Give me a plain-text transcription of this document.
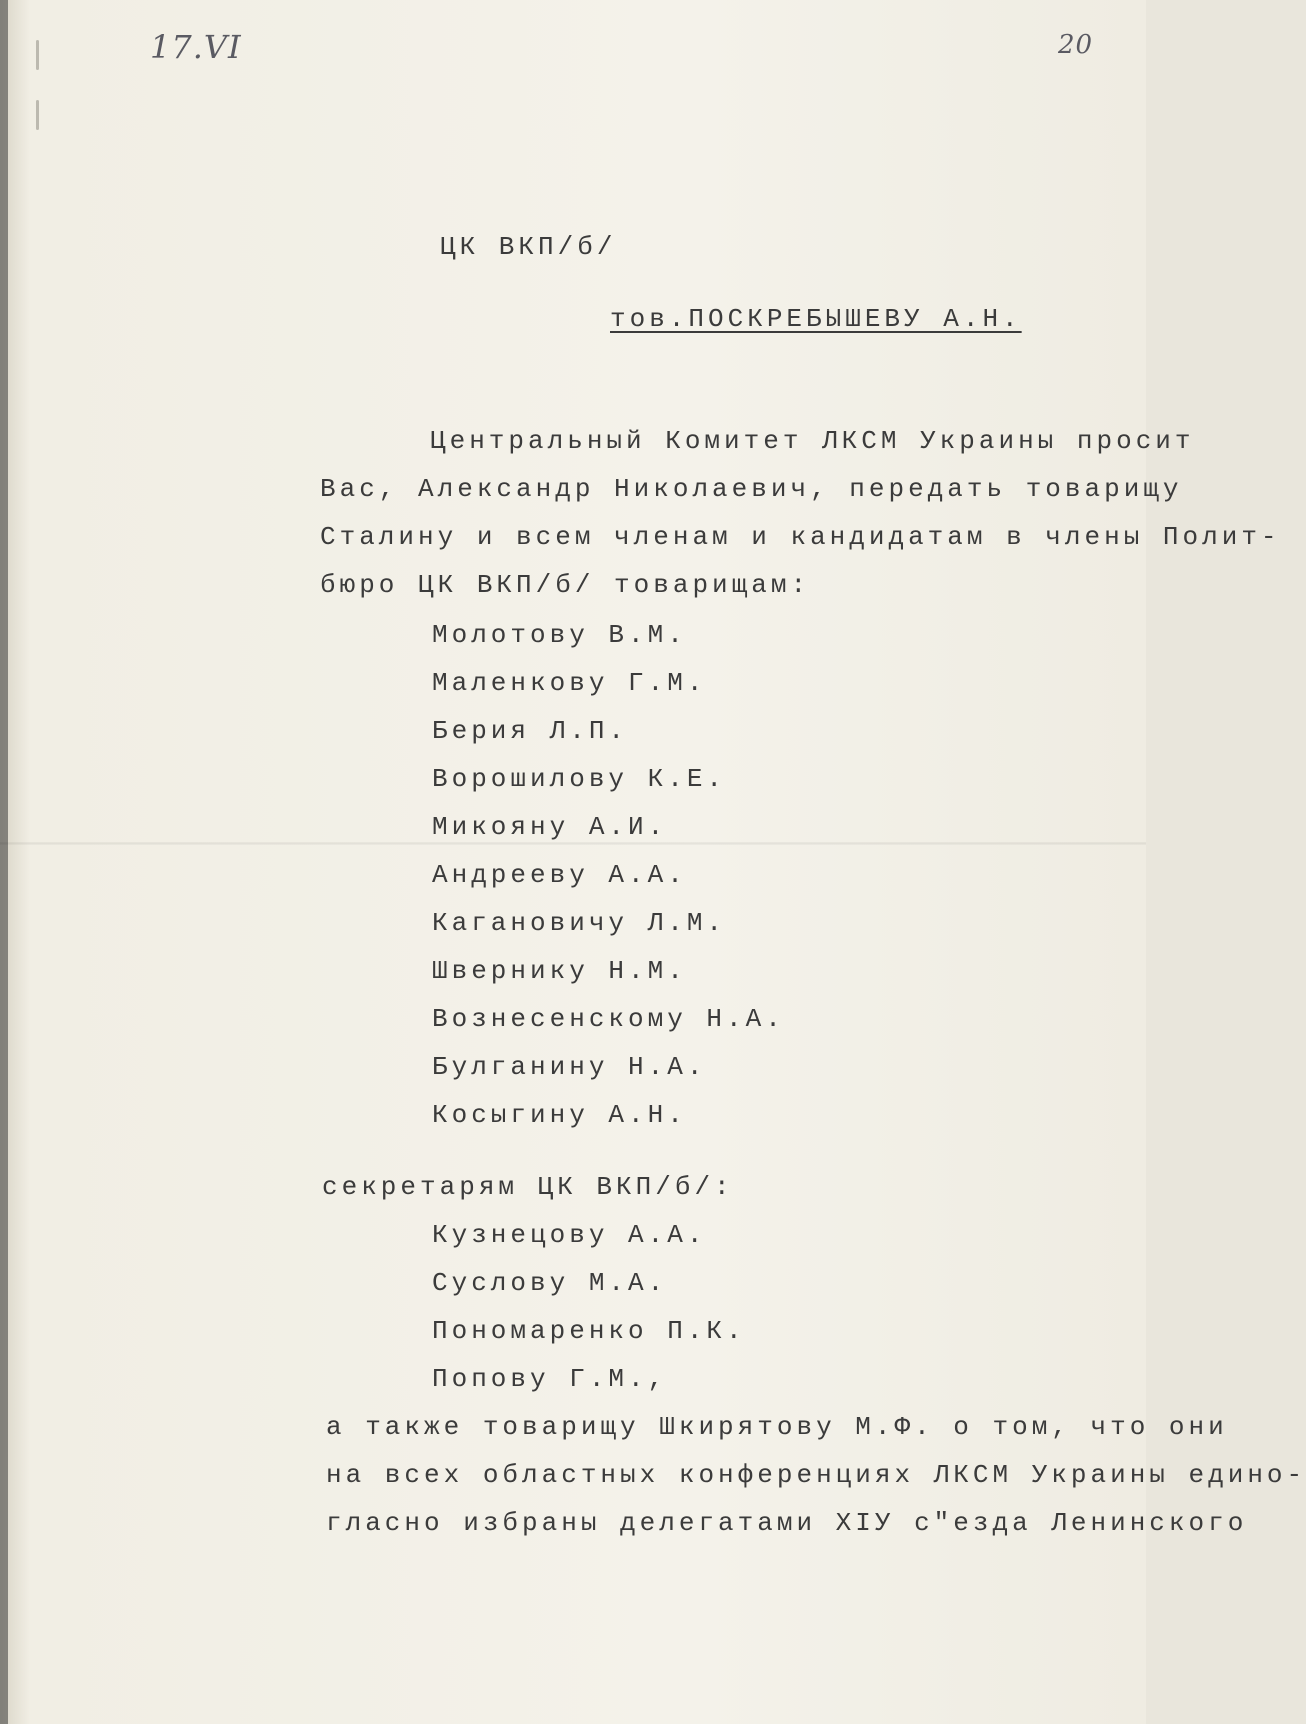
17.VI	20
ЦК ВКП/б/
тов.ПОСКРЕБЫШЕВУ А.Н.
Центральный Комитет ЛКСМ Украины просит
Вас, Александр Николаевич, передать товарищу
Сталину и всем членам и кандидатам в члены Полит-
бюро ЦК ВКП/б/ товарищам:
Молотову В.М.
Маленкову Г.М.
Берия Л.П.
Ворошилову К.Е.
Микояну А.И.
Андрееву А.А.
Кагановичу Л.М.
Швернику Н.М.
Вознесенскому Н.А.
Булганину Н.А.
Косыгину А.Н.
секретарям ЦК ВКП/б/:
Кузнецову А.А.
Суслову М.А.
Пономаренко П.К.
Попову Г.М.,
а также товарищу Шкирятову М.Ф. о том, что они
на всех областных конференциях ЛКСМ Украины едино-
гласно избраны делегатами XIУ с"езда Ленинского
